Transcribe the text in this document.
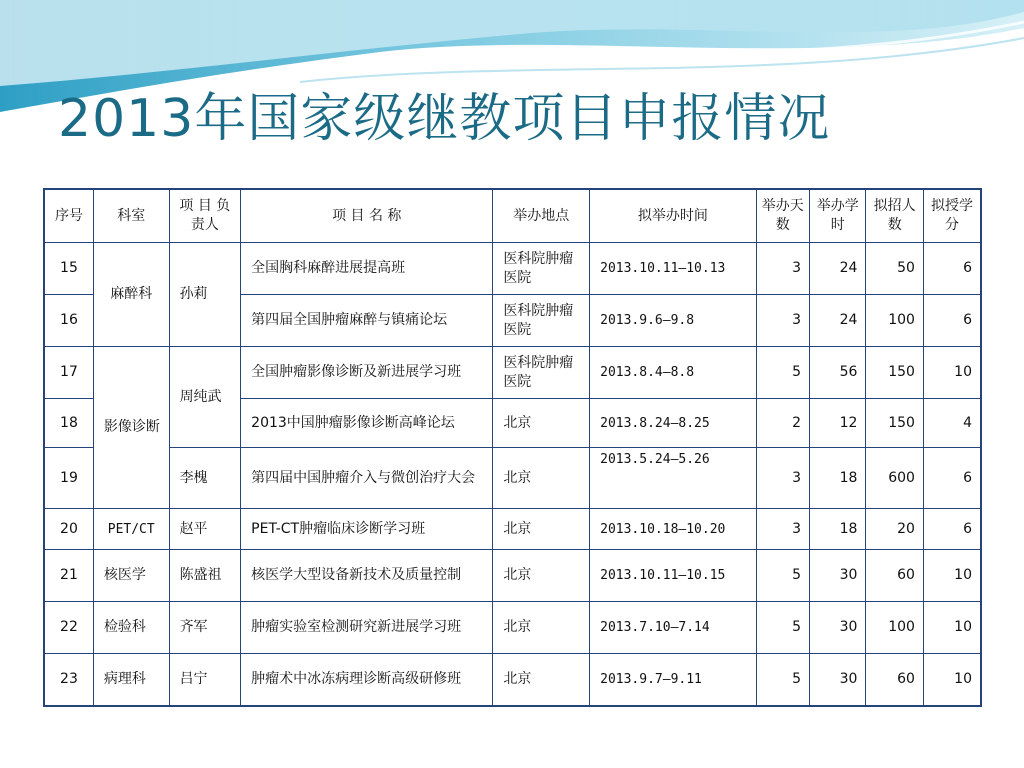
2013年国家级继教项目申报情况
序号	科室	项 目 负责人	项 目 名 称	举办地点	拟举办时间	举办天数	举办学时	拟招人数	拟授学分
15	麻醉科	孙莉	全国胸科麻醉进展提高班	医科院肿瘤医院	2013.10.11—10.13	3	24	50	6
16			第四届全国肿瘤麻醉与镇痛论坛	医科院肿瘤医院	2013.9.6—9.8	3	24	100	6
17	影像诊断	周纯武	全国肿瘤影像诊断及新进展学习班	医科院肿瘤医院	2013.8.4—8.8	5	56	150	10
18			2013中国肿瘤影像诊断高峰论坛	北京	2013.8.24—8.25	2	12	150	4
19		李槐	第四届中国肿瘤介入与微创治疗大会	北京	2013.5.24—5.26	3	18	600	6
20	PET/CT	赵平	PET-CT肿瘤临床诊断学习班	北京	2013.10.18—10.20	3	18	20	6
21	核医学	陈盛祖	核医学大型设备新技术及质量控制	北京	2013.10.11—10.15	5	30	60	10
22	检验科	齐军	肿瘤实验室检测研究新进展学习班	北京	2013.7.10—7.14	5	30	100	10
23	病理科	吕宁	肿瘤术中冰冻病理诊断高级研修班	北京	2013.9.7—9.11	5	30	60	10
